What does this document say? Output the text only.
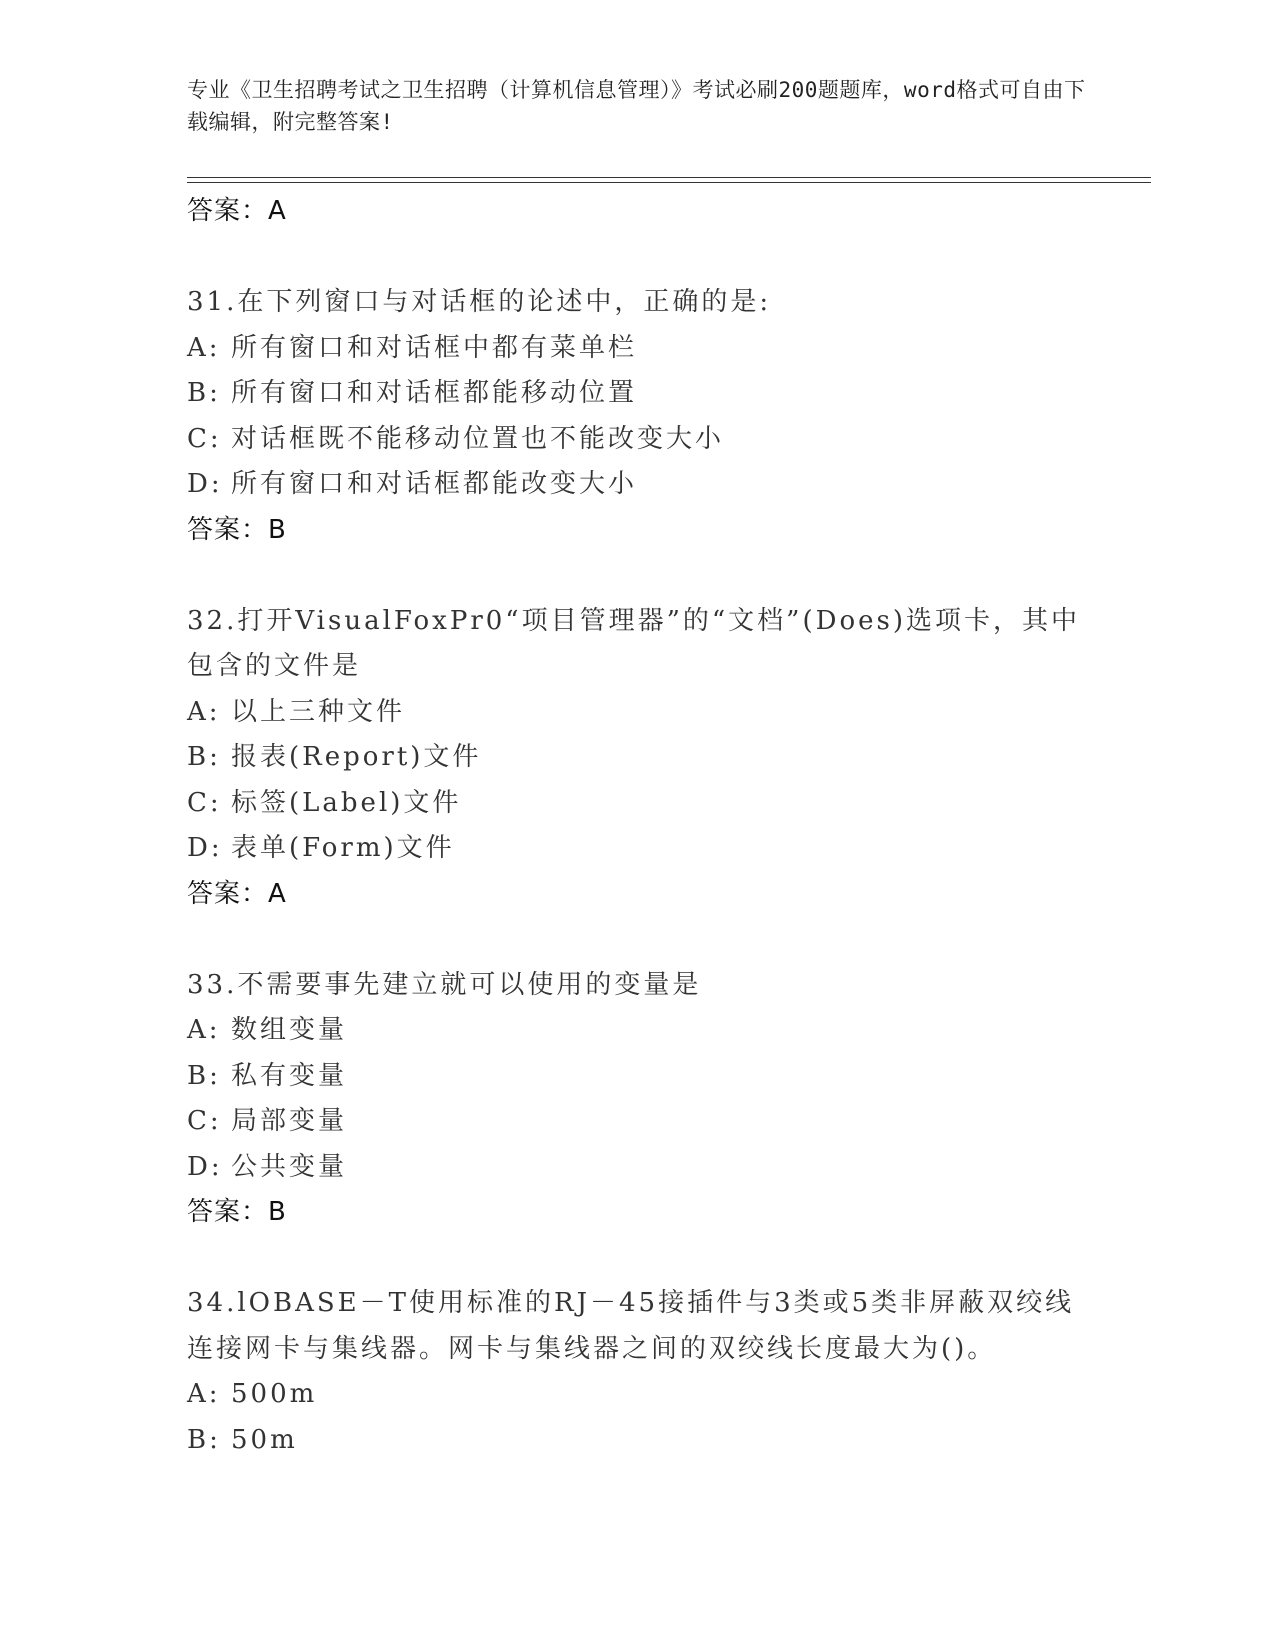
专业《卫生招聘考试之卫生招聘（计算机信息管理）》考试必刷200题题库，word格式可自由下载编辑，附完整答案!
答案：A
31.在下列窗口与对话框的论述中，正确的是:
A: 所有窗口和对话框中都有菜单栏
B: 所有窗口和对话框都能移动位置
C: 对话框既不能移动位置也不能改变大小
D: 所有窗口和对话框都能改变大小
答案：B
32.打开VisualFoxPr0“项目管理器”的“文档”(Does)选项卡，其中包含的文件是
A: 以上三种文件
B: 报表(Report)文件
C: 标签(Label)文件
D: 表单(Form)文件
答案：A
33.不需要事先建立就可以使用的变量是
A: 数组变量
B: 私有变量
C: 局部变量
D: 公共变量
答案：B
34.lOBASE－T使用标准的RJ－45接插件与3类或5类非屏蔽双绞线连接网卡与集线器。网卡与集线器之间的双绞线长度最大为()。
A: 500m
B: 50m
